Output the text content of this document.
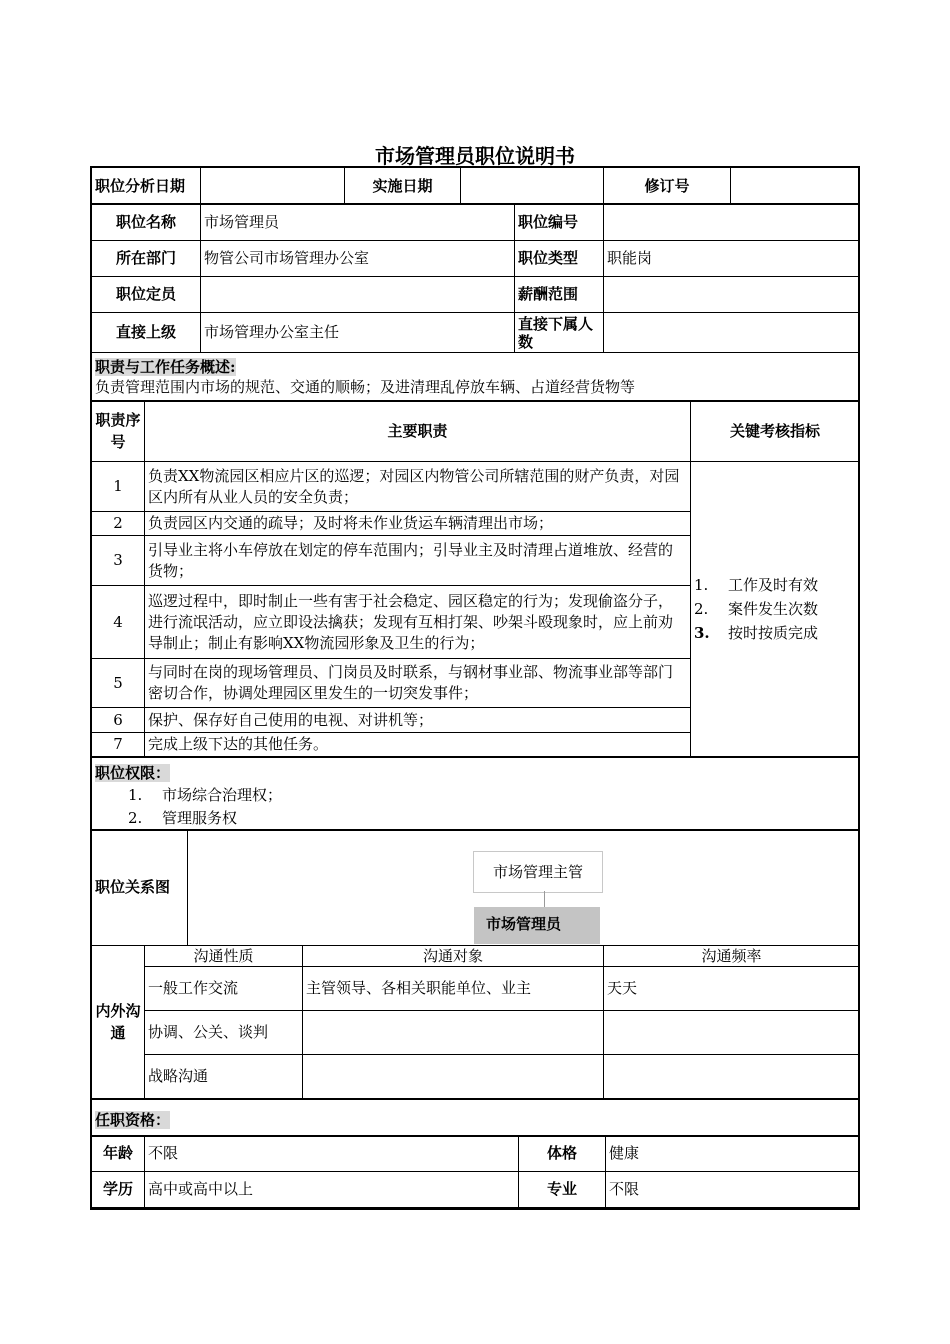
市场管理员职位说明书
职位分析日期		实施日期		修订号	
职位名称	市场管理员	职位编号	
所在部门	物管公司市场管理办公室	职位类型	职能岗
职位定员		薪酬范围	
直接上级	市场管理办公室主任	直接下属人数	
职责与工作任务概述:
负责管理范围内市场的规范、交通的顺畅；及进清理乱停放车辆、占道经营货物等
职责序号	主要职责	关键考核指标
1	负责XX物流园区相应片区的巡逻；对园区内物管公司所辖范围的财产负责，对园区内所有从业人员的安全负责；	1. 工作及时有效
2. 案件发生次数
3. 按时按质完成

2	负责园区内交通的疏导；及时将未作业货运车辆清理出市场；	
3	引导业主将小车停放在划定的停车范围内；引导业主及时清理占道堆放、经营的货物；	
4	巡逻过程中，即时制止一些有害于社会稳定、园区稳定的行为；发现偷盗分子，进行流氓活动，应立即设法擒获；发现有互相打架、吵架斗殴现象时，应上前劝导制止；制止有影响XX物流园形象及卫生的行为；	
5	与同时在岗的现场管理员、门岗员及时联系，与钢材事业部、物流事业部等部门密切合作，协调处理园区里发生的一切突发事件；	
6	保护、保存好自己使用的电视、对讲机等；	
7	完成上级下达的其他任务。	
职位权限：
1. 市场综合治理权；
2. 管理服务权
职位关系图	
市场管理主管
市场管理员
内外沟通	沟通性质	沟通对象	沟通频率
	一般工作交流	主管领导、各相关职能单位、业主	天天
	协调、公关、谈判		
	战略沟通		
任职资格：
年龄	不限	体格	健康
学历	高中或高中以上	专业	不限
